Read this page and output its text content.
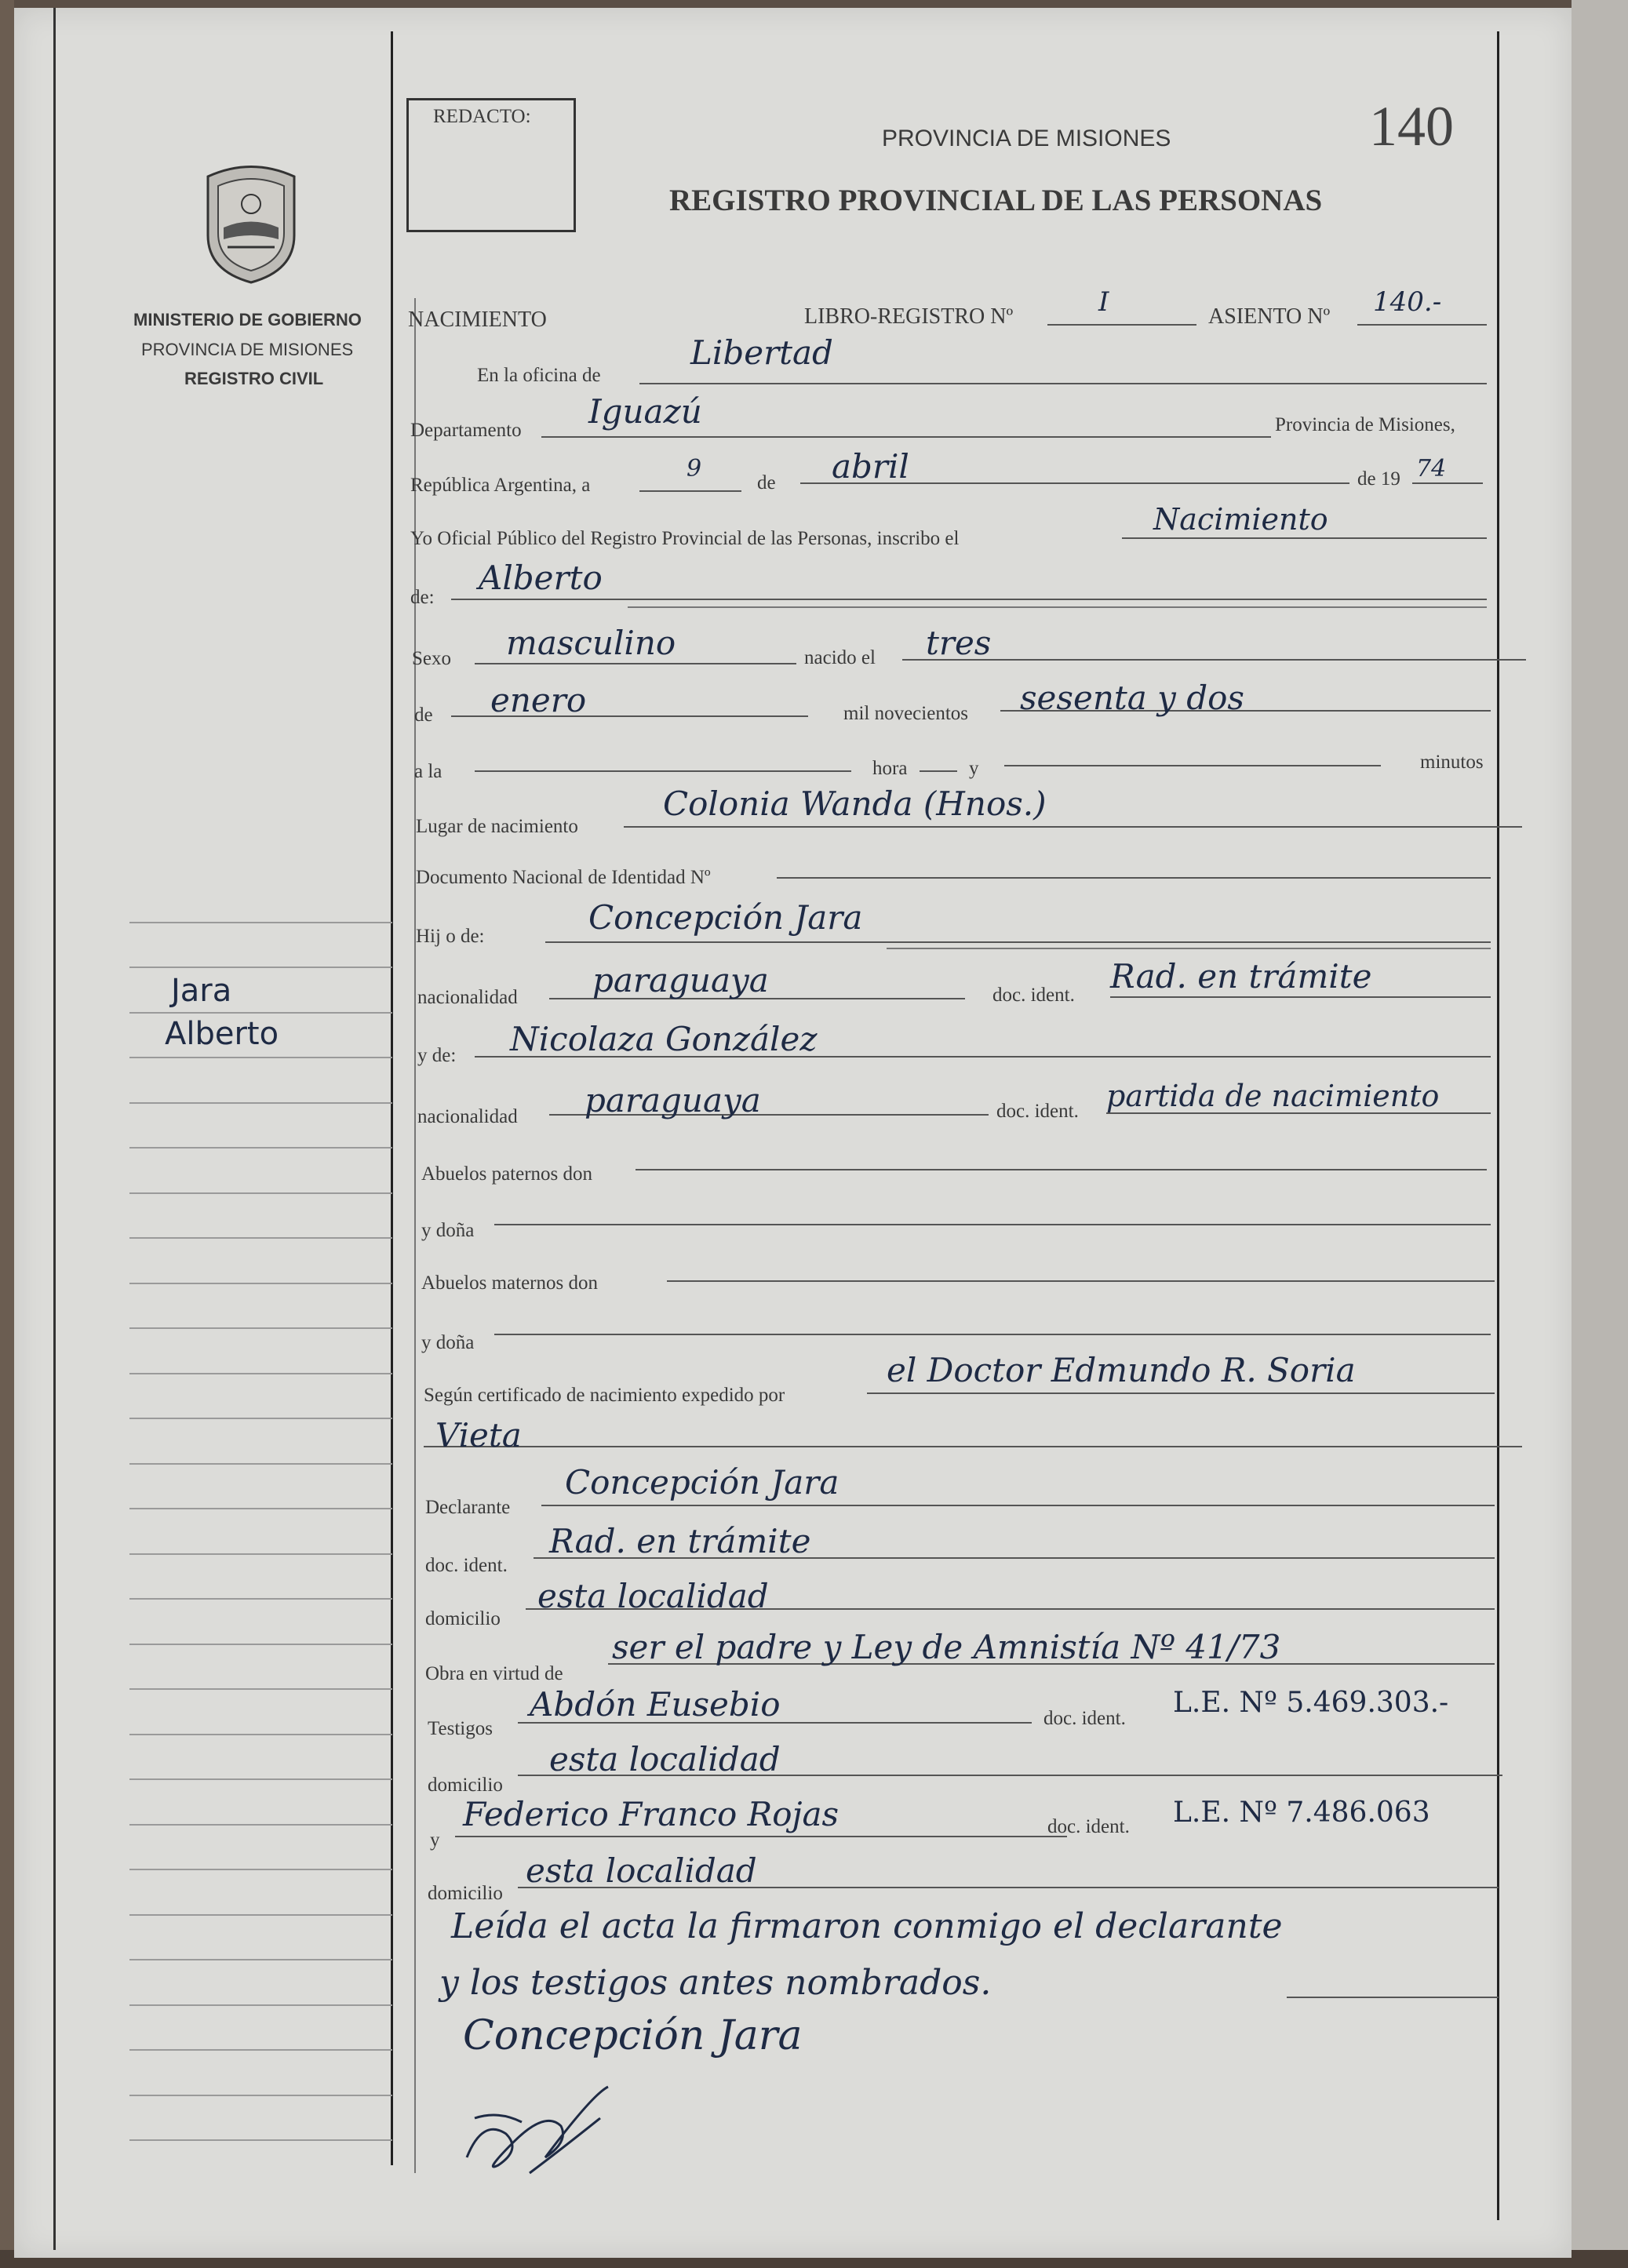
REDACTO:	140
PROVINCIA DE MISIONES
REGISTRO PROVINCIAL DE LAS PERSONAS
MINISTERIO DE GOBIERNO
PROVINCIA DE MISIONES
REGISTRO CIVIL
Jara
Alberto
NACIMIENTO	LIBRO-REGISTRO Nº	I	ASIENTO Nº 140.-
En la oficina de
Libertad
Departamento Iguazú	Provincia de Misiones,
República Argentina, a
9
de abril	de 19 74
Yo Oficial Público del Registro Provincial de las Personas, inscribo el
Nacimiento
de:
Alberto
Sexo masculino	nacido el tres
de enero	mil novecientos sesenta y dos
a la	hora	y	minutos
Lugar de nacimiento
Colonia Wanda (Hnos.)
Documento Nacional de Identidad Nº
Hij o de:	Concepción Jara
nacionalidad paraguaya	doc. ident. Rad. en trámite
y de: Nicolaza González
nacionalidad paraguaya	doc. ident. partida de nacimiento
Abuelos paternos don
y doña
Abuelos maternos don
y doña
Según certificado de nacimiento expedido por
el Doctor Edmundo R. Soria
Vieta
Declarante
Concepción Jara
doc. ident.
Rad. en trámite
domicilio
esta localidad
Obra en virtud de
ser el padre y Ley de Amnistía Nº 41/73
Testigos
Abdón Eusebio	doc. ident. L.E. Nº 5.469.303.-
domicilio
esta localidad
y
Federico Franco Rojas	doc. ident. L.E. Nº 7.486.063
domicilio
esta localidad
Leída el acta la firmaron conmigo el declarante
y los testigos antes nombrados.
Concepción Jara
